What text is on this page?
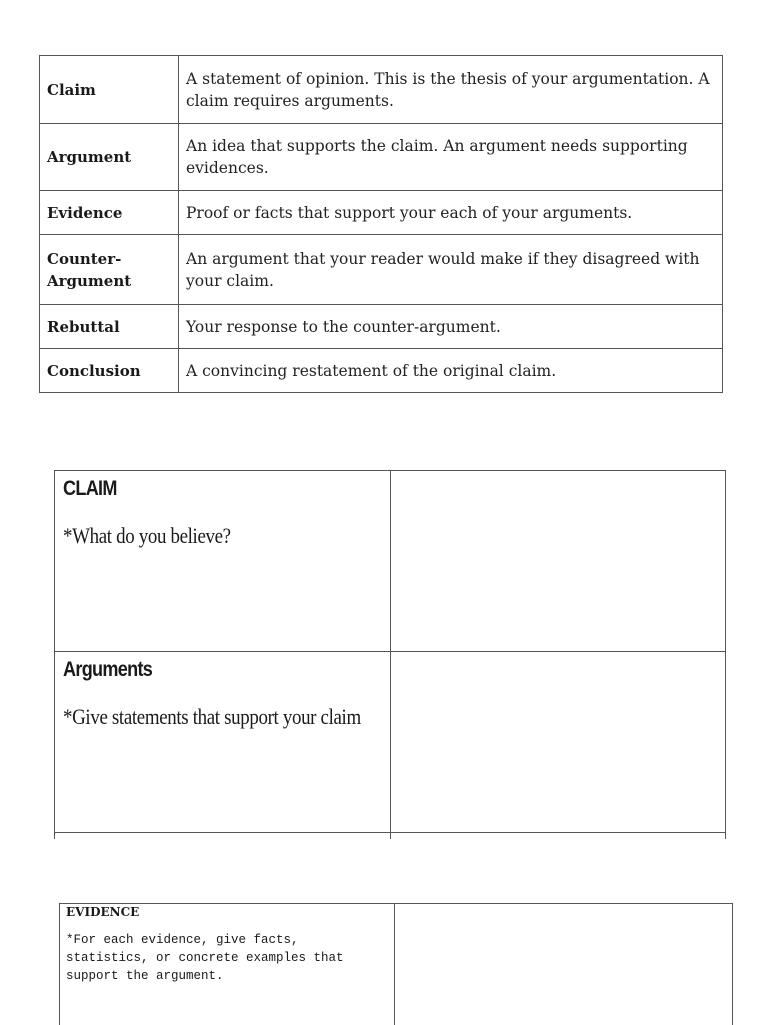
Claim	A statement of opinion. This is the thesis of your argumentation. A claim requires arguments.
Argument	An idea that supports the claim. An argument needs supporting evidences.
Evidence	Proof or facts that support your each of your arguments.

Counter-Argument	An argument that your reader would make if they disagreed with your claim.
Rebuttal	Your response to the counter-argument.
Conclusion	A convincing restatement of the original claim.
CLAIM
*What do you believe?	

Arguments
*Give statements that support your claim	

EVIDENCE
*For each evidence, give facts, statistics, or concrete examples that support the argument.
